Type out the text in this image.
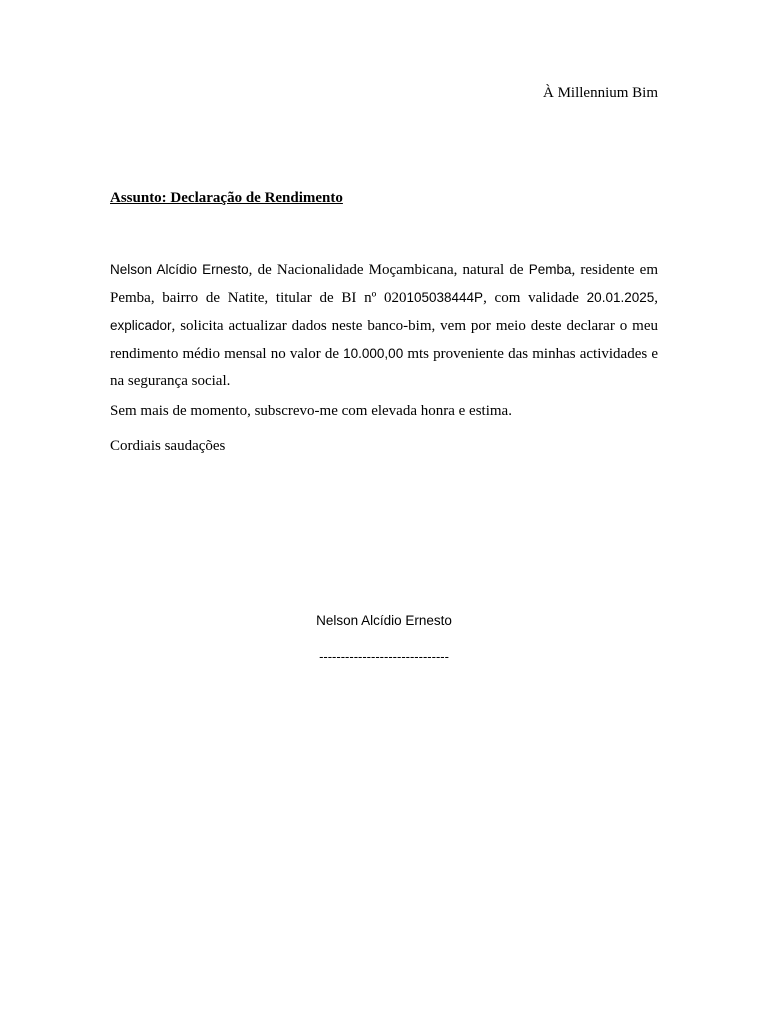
À Millennium Bim
Assunto: Declaração de Rendimento

Nelson Alcídio Ernesto, de Nacionalidade Moçambicana, natural de Pemba, residente em Pemba, bairro de Natite, titular de BI nº 020105038444P, com validade 20.01.2025, explicador, solicita actualizar dados neste banco-bim, vem por meio deste declarar o meu rendimento médio mensal no valor de 10.000,00 mts proveniente das minhas actividades e na segurança social.

Sem mais de momento, subscrevo-me com elevada honra e estima.

Cordiais saudações

Nelson Alcídio Ernesto
------------------------------
